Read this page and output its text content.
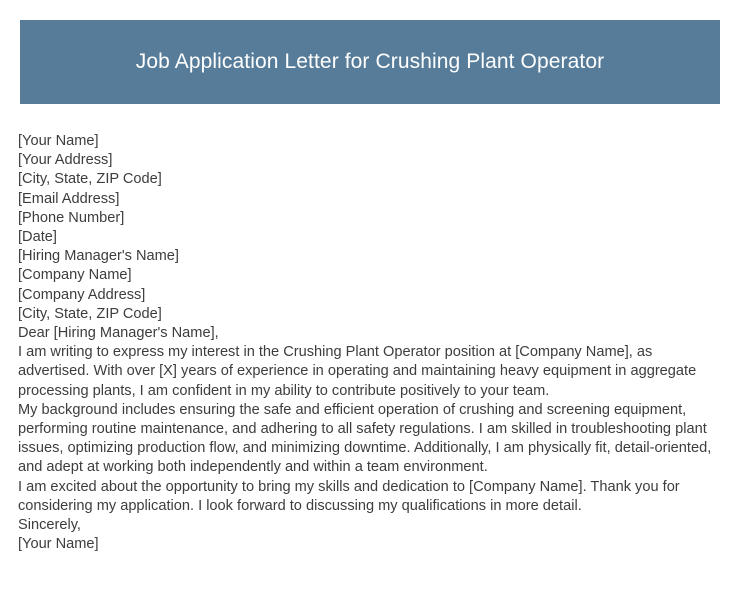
Job Application Letter for Crushing Plant Operator

[Your Name]

[Your Address]

[City, State, ZIP Code]

[Email Address]

[Phone Number]

[Date]

[Hiring Manager's Name]

[Company Name]

[Company Address]

[City, State, ZIP Code]

Dear [Hiring Manager's Name],

I am writing to express my interest in the Crushing Plant Operator position at [Company Name], as advertised. With over [X] years of experience in operating and maintaining heavy equipment in aggregate processing plants, I am confident in my ability to contribute positively to your team.

My background includes ensuring the safe and efficient operation of crushing and screening equipment, performing routine maintenance, and adhering to all safety regulations. I am skilled in troubleshooting plant issues, optimizing production flow, and minimizing downtime. Additionally, I am physically fit, detail-oriented, and adept at working both independently and within a team environment.

I am excited about the opportunity to bring my skills and dedication to [Company Name]. Thank you for considering my application. I look forward to discussing my qualifications in more detail.

Sincerely,

[Your Name]
